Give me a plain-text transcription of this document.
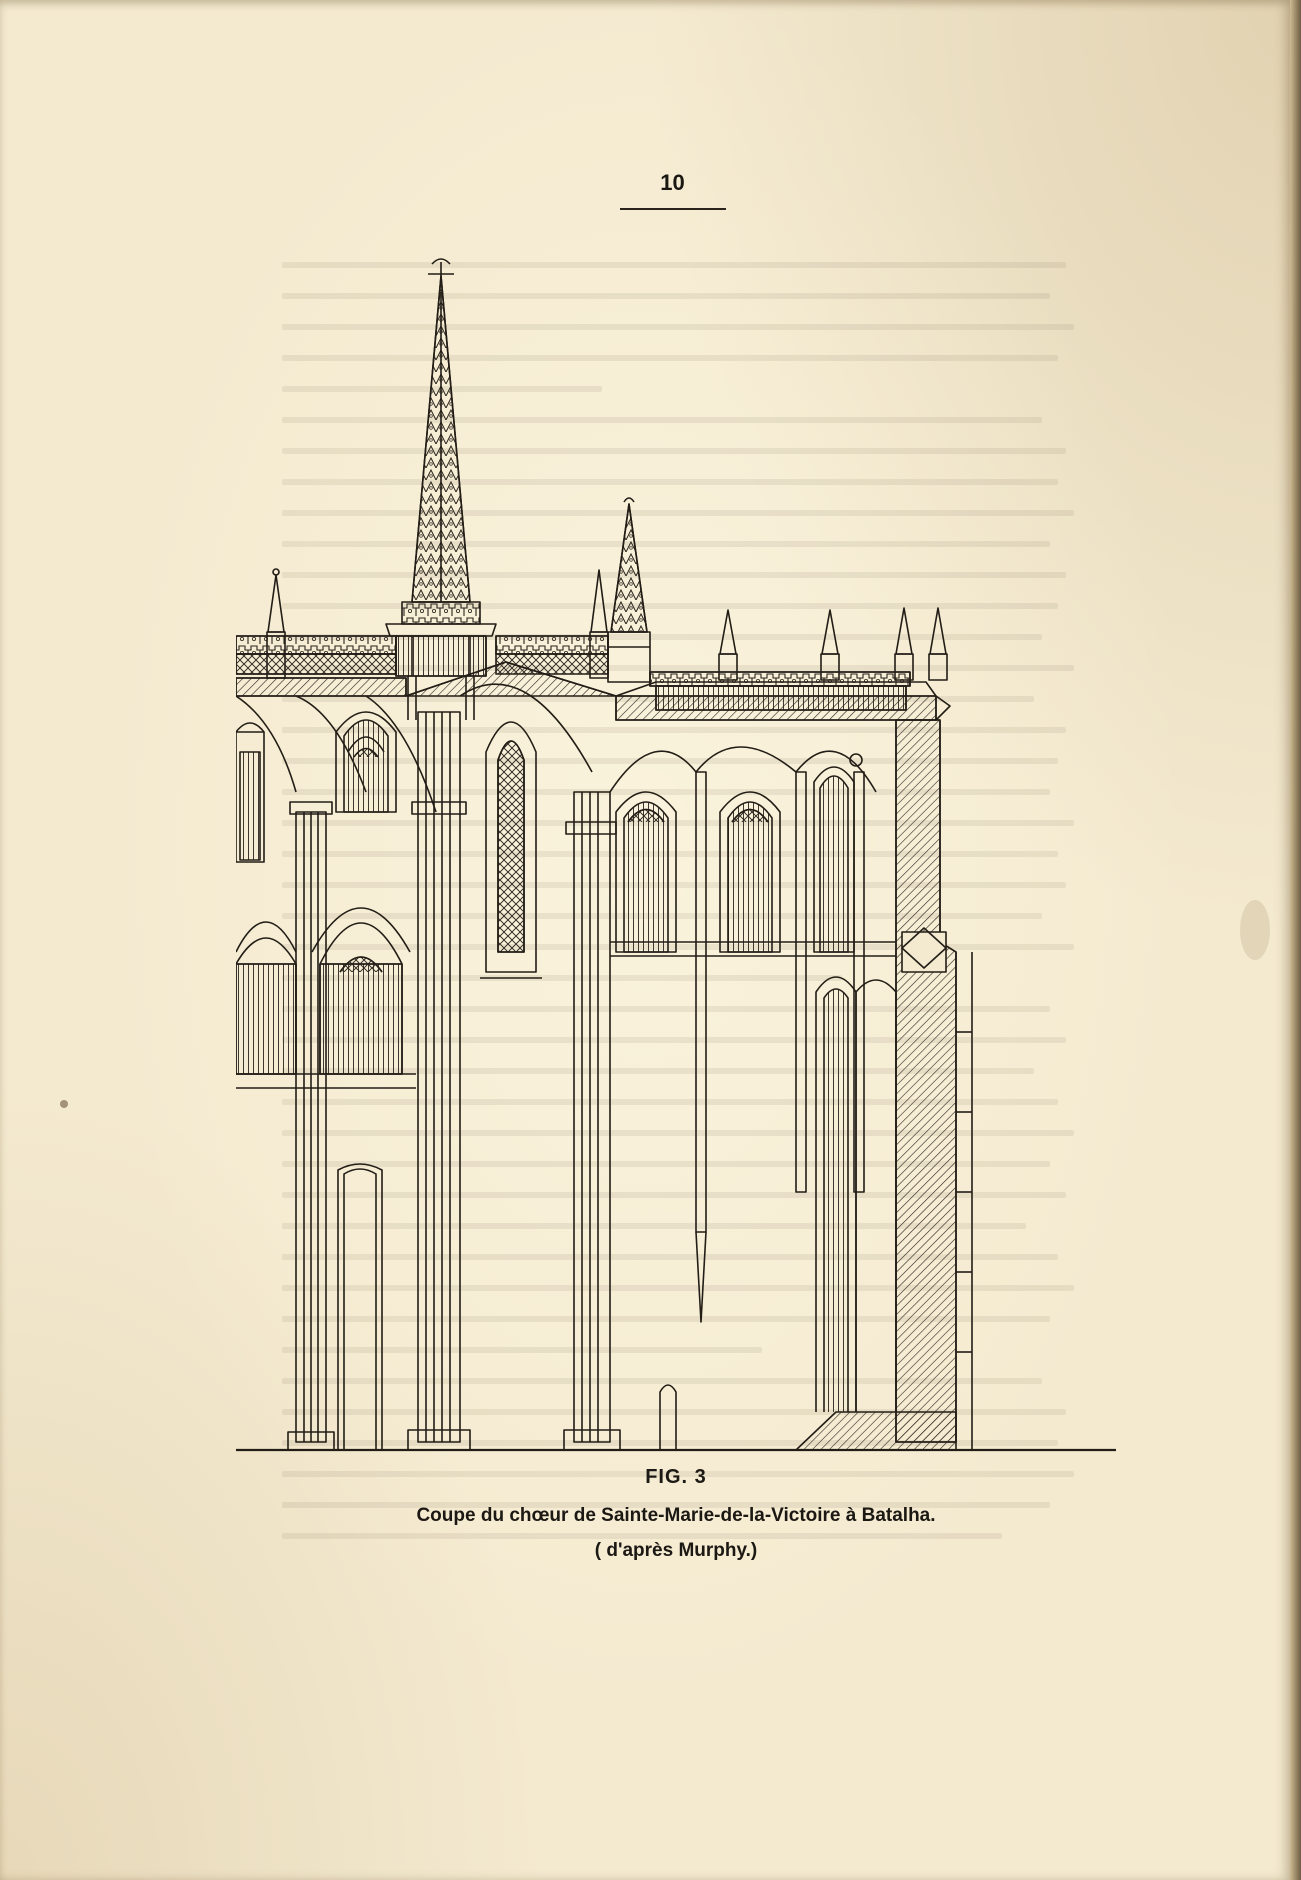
10
FIG. 3
Coupe du chœur de Sainte-Marie-de-la-Victoire à Batalha.
( d'après Murphy.)
